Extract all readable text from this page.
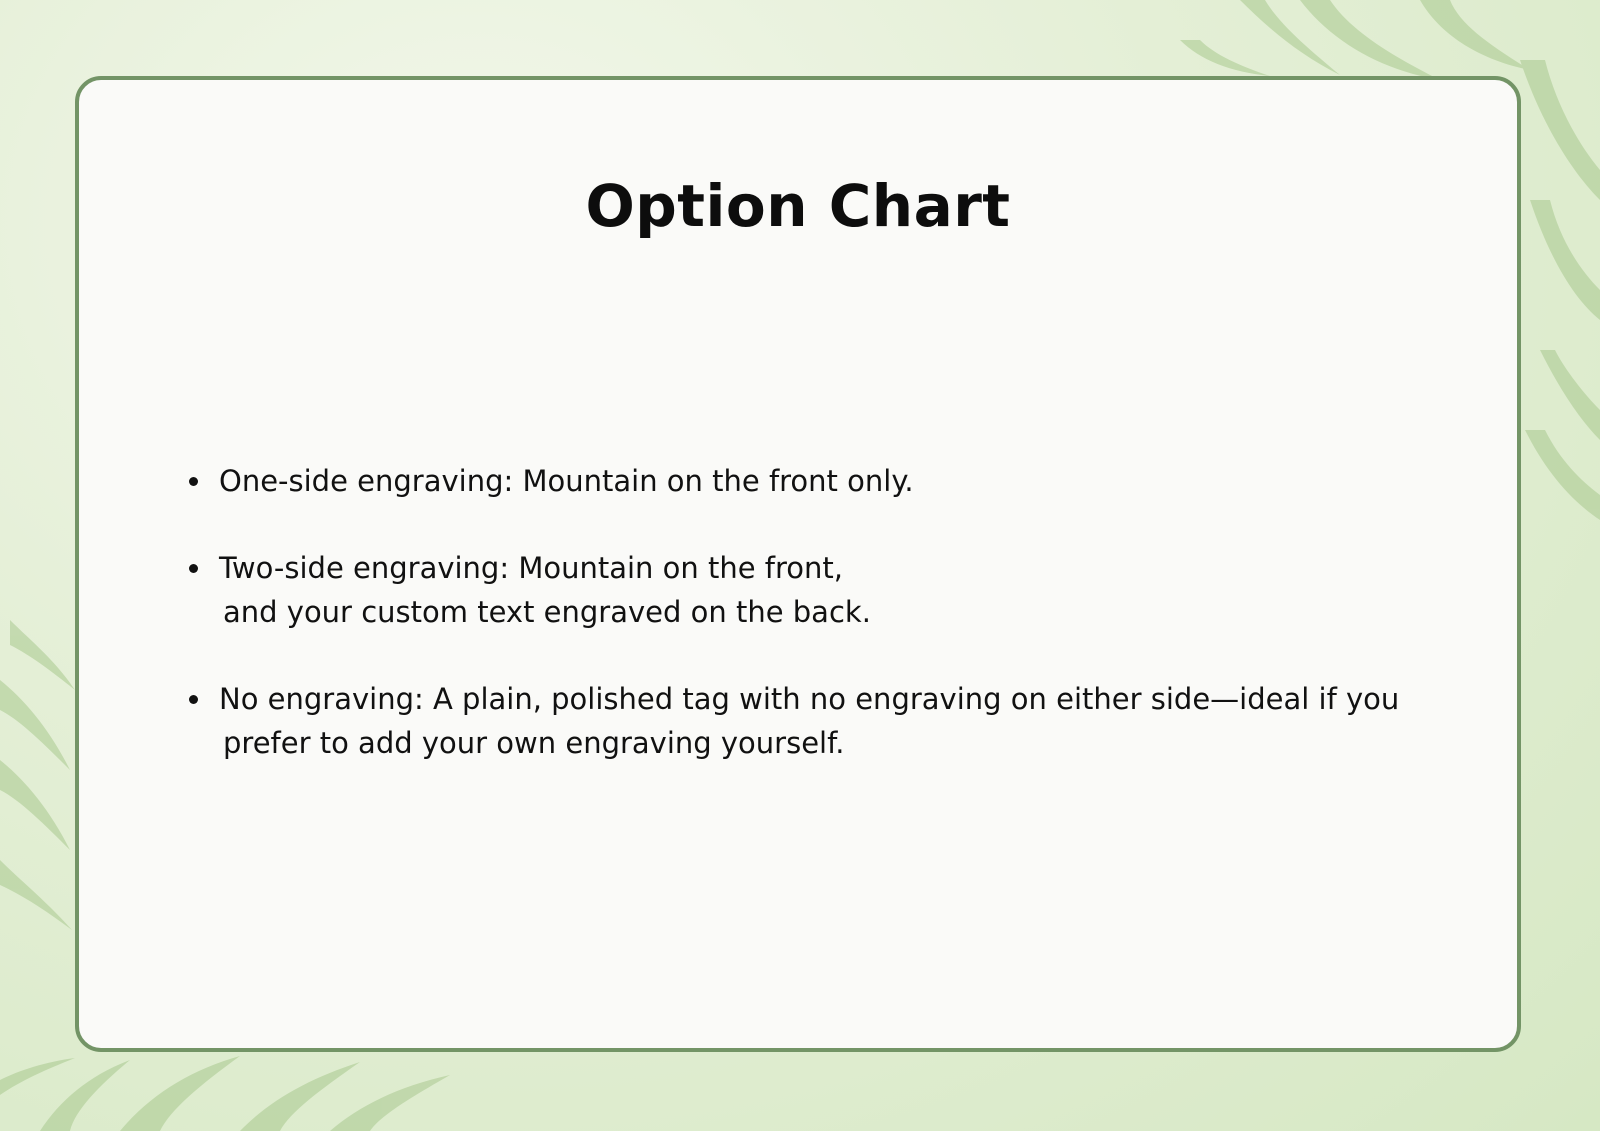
Option Chart
One-side engraving: Mountain on the front only.
Two-side engraving: Mountain on the front,
and your custom text engraved on the back.
No engraving: A plain, polished tag with no engraving on either side—ideal if you
prefer to add your own engraving yourself.
